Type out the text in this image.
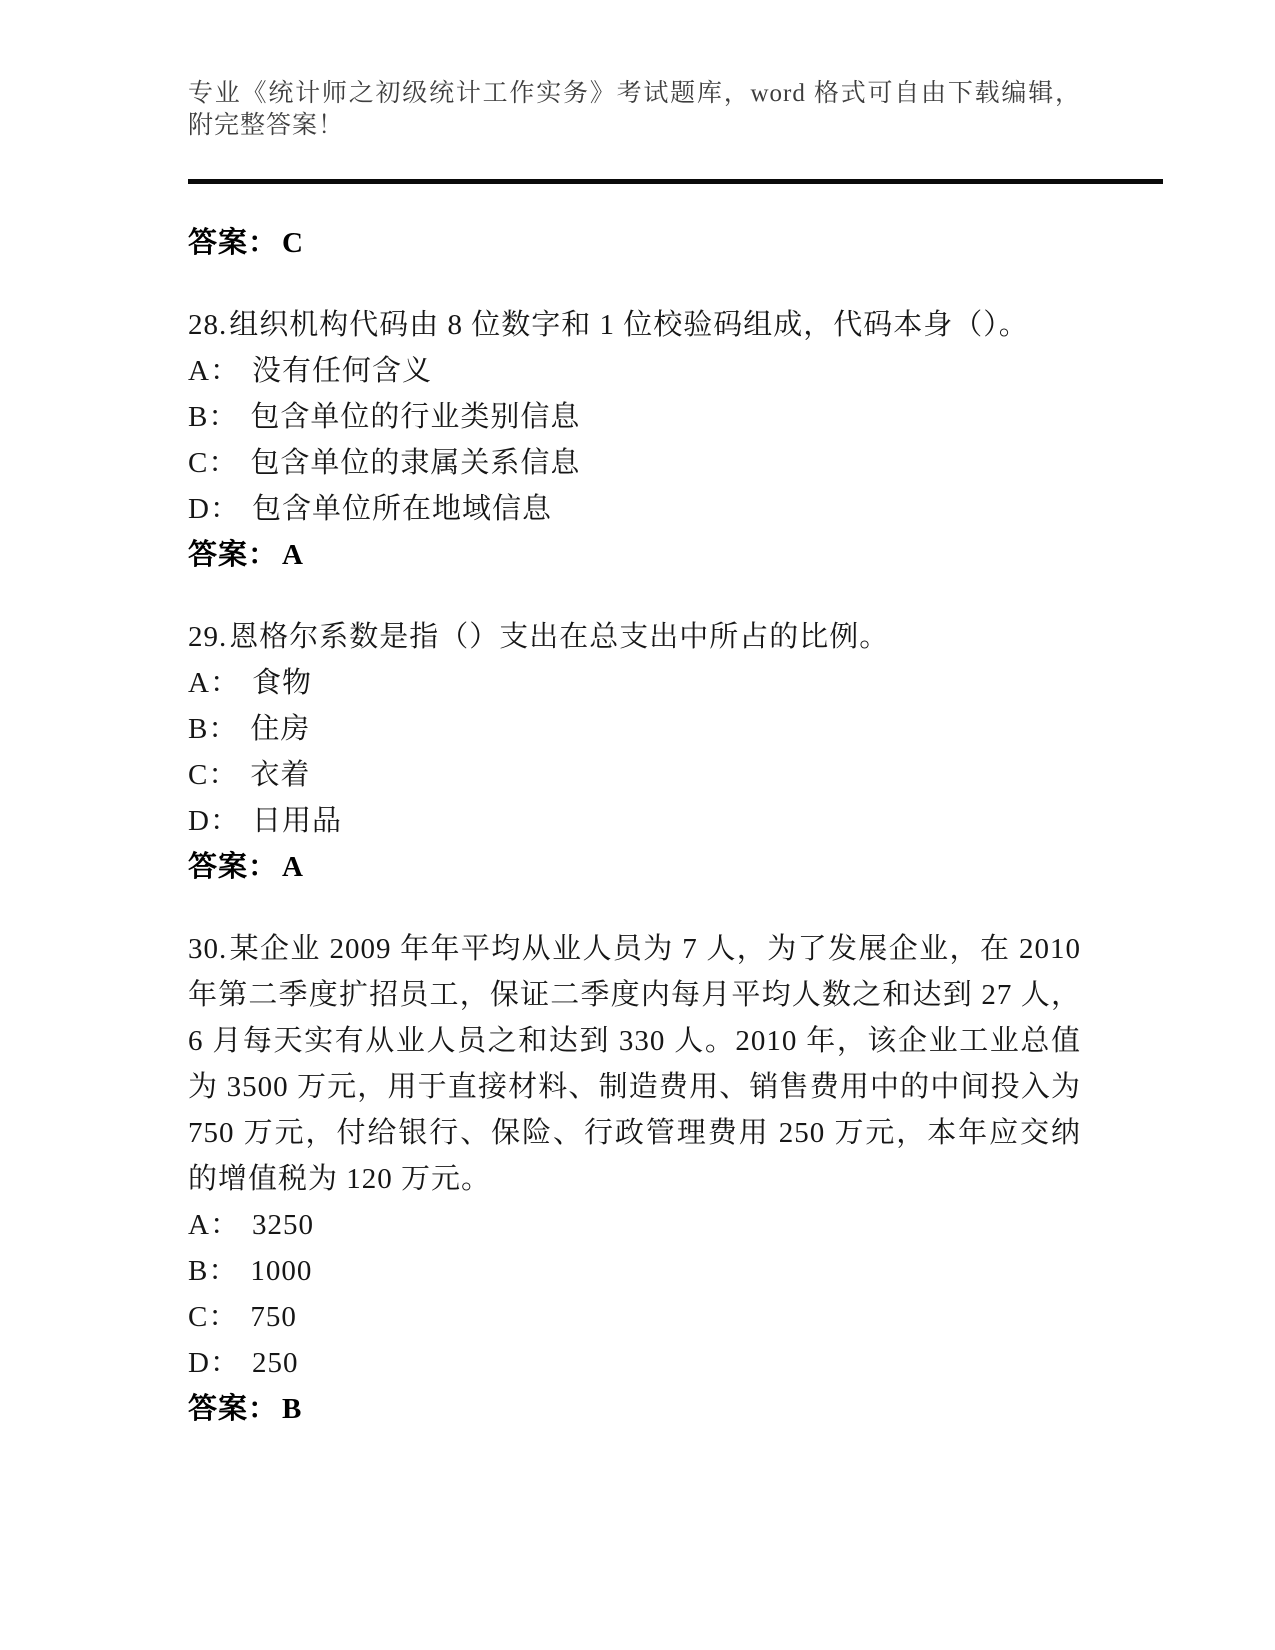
专业《统计师之初级统计工作实务》考试题库，word 格式可自由下载编辑，附完整答案！

答案： C

28.组织机构代码由 8 位数字和 1 位校验码组成，代码本身（）。

A： 没有任何含义

B： 包含单位的行业类别信息

C： 包含单位的隶属关系信息

D： 包含单位所在地域信息

答案： A

29.恩格尔系数是指（）支出在总支出中所占的比例。

A： 食物

B： 住房

C： 衣着

D： 日用品

答案： A

30.某企业 2009 年年平均从业人员为 7 人，为了发展企业，在 2010 年第二季度扩招员工，保证二季度内每月平均人数之和达到 27 人，6 月每天实有从业人员之和达到 330 人。2010 年，该企业工业总值为 3500 万元，用于直接材料、制造费用、销售费用中的中间投入为 750 万元，付给银行、保险、行政管理费用 250 万元，本年应交纳的增值税为 120 万元。

A： 3250

B： 1000

C： 750

D： 250

答案： B
